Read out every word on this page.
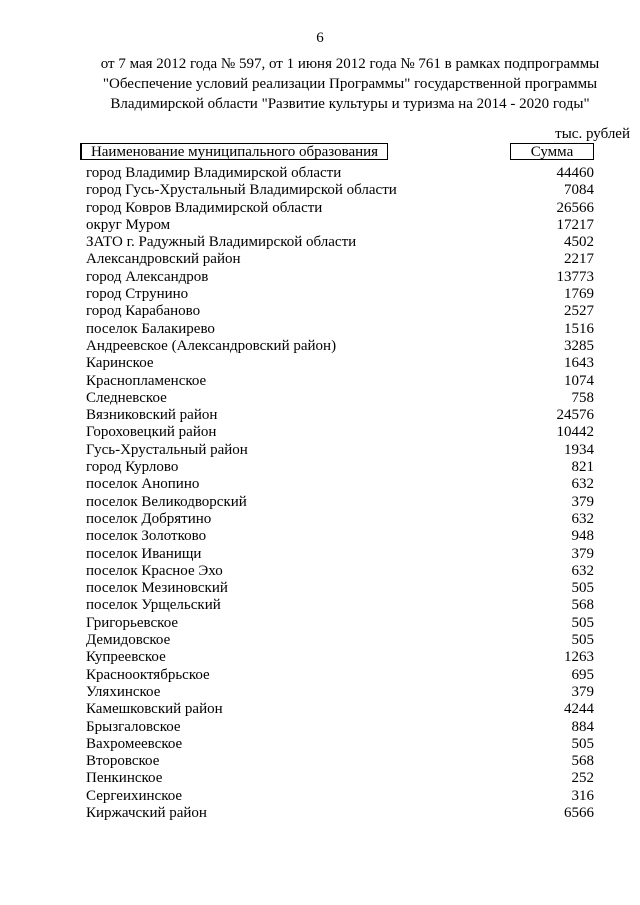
6
от 7 мая 2012 года № 597, от 1 июня 2012 года № 761 в рамках подпрограммы
"Обеспечение условий реализации Программы" государственной программы
Владимирской области "Развитие культуры и туризма на 2014 - 2020 годы"
тыс. рублей
Наименование муниципального образования	Сумма
город Владимир Владимирской области	44460
город Гусь-Хрустальный Владимирской области	7084
город Ковров Владимирской области	26566
округ Муром	17217
ЗАТО г. Радужный Владимирской области	4502
Александровский район	2217
город Александров	13773
город Струнино	1769
город Карабаново	2527
поселок Балакирево	1516
Андреевское (Александровский район)	3285
Каринское	1643
Краснопламенское	1074
Следневское	758
Вязниковский район	24576
Гороховецкий район	10442
Гусь-Хрустальный район	1934
город Курлово	821
поселок Анопино	632
поселок Великодворский	379
поселок Добрятино	632
поселок Золотково	948
поселок Иванищи	379
поселок Красное Эхо	632
поселок Мезиновский	505
поселок Урщельский	568
Григорьевское	505
Демидовское	505
Купреевское	1263
Краснооктябрьское	695
Уляхинское	379
Камешковский район	4244
Брызгаловское	884
Вахромеевское	505
Второвское	568
Пенкинское	252
Сергеихинское	316
Киржачский район	6566
